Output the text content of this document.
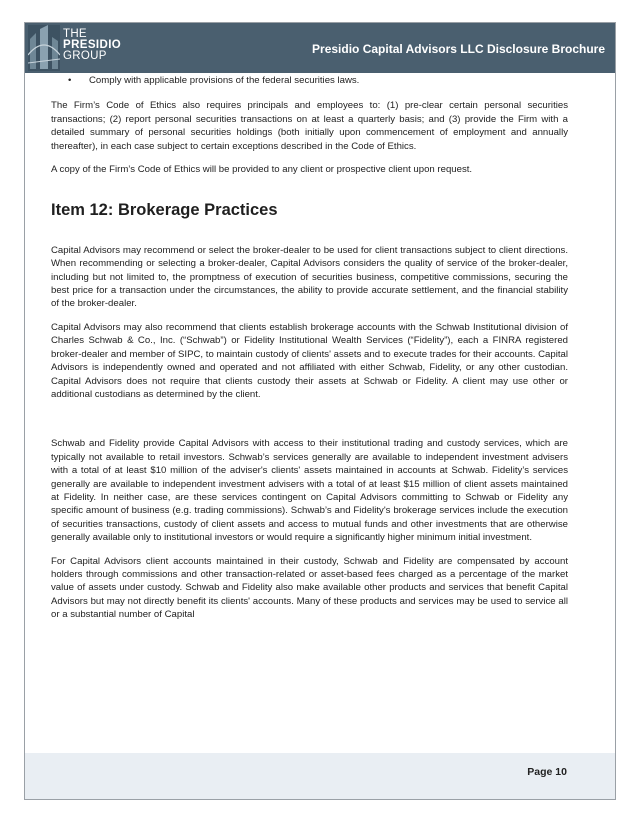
THE
PRESIDIO
GROUP	Presidio Capital Advisors LLC Disclosure Brochure
Page 10
• Comply with applicable provisions of the federal securities laws.

The Firm’s Code of Ethics also requires principals and employees to: (1) pre-clear certain personal securities transactions; (2) report personal securities transactions on at least a quarterly basis; and (3) provide the Firm with a detailed summary of personal securities holdings (both initially upon commencement of employment and annually thereafter), in each case subject to certain exceptions described in the Code of Ethics.

A copy of the Firm’s Code of Ethics will be provided to any client or prospective client upon request.

Item 12: Brokerage Practices

Capital Advisors may recommend or select the broker-dealer to be used for client transactions subject to client directions. When recommending or selecting a broker-dealer, Capital Advisors considers the quality of service of the broker-dealer, including but not limited to, the promptness of execution of securities business, competitive commissions, securing the best price for a transaction under the circumstances, the ability to provide accurate settlement, and the financial stability of the broker-dealer.

Capital Advisors may also recommend that clients establish brokerage accounts with the Schwab Institutional division of Charles Schwab & Co., Inc. (“Schwab”) or Fidelity Institutional Wealth Services (“Fidelity”), each a FINRA registered broker-dealer and member of SIPC, to maintain custody of clients' assets and to execute trades for their accounts. Capital Advisors is independently owned and operated and not affiliated with either Schwab, Fidelity, or any other custodian. Capital Advisors does not require that clients custody their assets at Schwab or Fidelity. A client may use other or additional custodians as determined by the client.

Schwab and Fidelity provide Capital Advisors with access to their institutional trading and custody services, which are typically not available to retail investors. Schwab’s services generally are available to independent investment advisers with a total of at least $10 million of the adviser's clients' assets maintained in accounts at Schwab. Fidelity’s services generally are available to independent investment advisers with a total of at least $15 million of client assets maintained at Fidelity. In neither case, are these services contingent on Capital Advisors committing to Schwab or Fidelity any specific amount of business (e.g. trading commissions). Schwab’s and Fidelity's brokerage services include the execution of securities transactions, custody of client assets and access to mutual funds and other investments that are otherwise generally available only to institutional investors or would require a significantly higher minimum initial investment.

For Capital Advisors client accounts maintained in their custody, Schwab and Fidelity are compensated by account holders through commissions and other transaction-related or asset-based fees charged as a percentage of the market value of assets under custody. Schwab and Fidelity also make available other products and services that benefit Capital Advisors but may not directly benefit its clients' accounts. Many of these products and services may be used to service all or a substantial number of Capital
